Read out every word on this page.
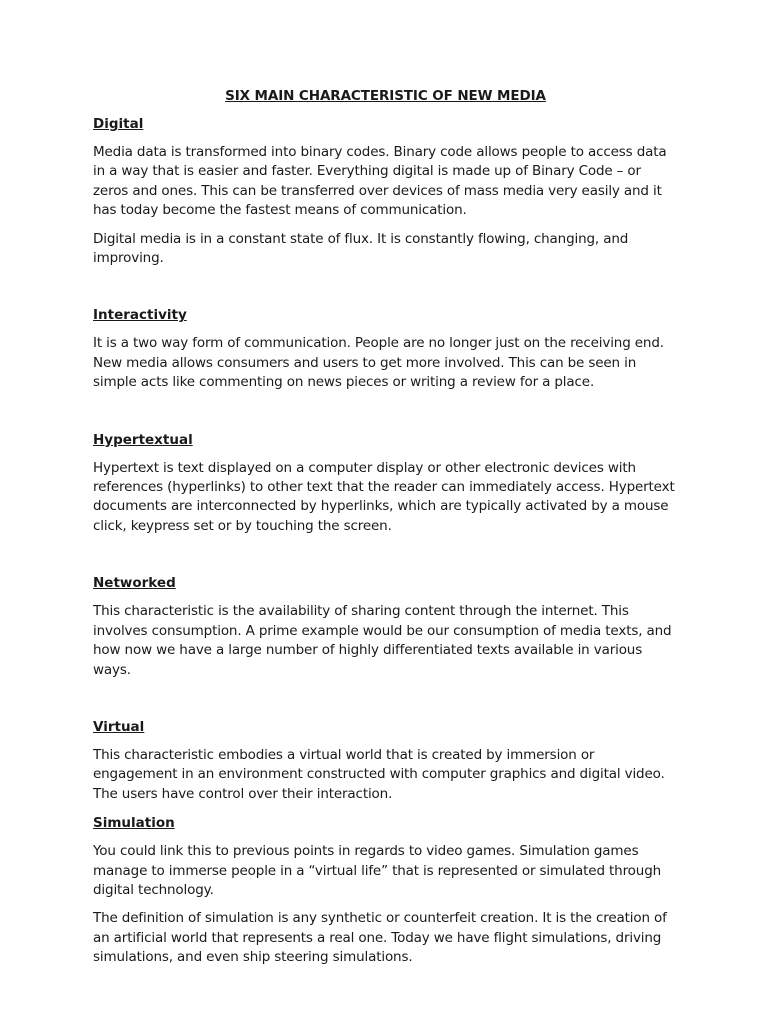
SIX MAIN CHARACTERISTIC OF NEW MEDIA
Digital

Media data is transformed into binary codes. Binary code allows people to access data in a way that is easier and faster. Everything digital is made up of Binary Code – or zeros and ones. This can be transferred over devices of mass media very easily and it has today become the fastest means of communication.

Digital media is in a constant state of flux. It is constantly flowing, changing, and improving.

Interactivity

It is a two way form of communication. People are no longer just on the receiving end. New media allows consumers and users to get more involved. This can be seen in simple acts like commenting on news pieces or writing a review for a place.

Hypertextual

Hypertext is text displayed on a computer display or other electronic devices with references (hyperlinks) to other text that the reader can immediately access. Hypertext documents are interconnected by hyperlinks, which are typically activated by a mouse click, keypress set or by touching the screen.

Networked

This characteristic is the availability of sharing content through the internet. This involves consumption. A prime example would be our consumption of media texts, and how now we have a large number of highly differentiated texts available in various ways.

Virtual

This characteristic embodies a virtual world that is created by immersion or engagement in an environment constructed with computer graphics and digital video. The users have control over their interaction.

Simulation

You could link this to previous points in regards to video games. Simulation games manage to immerse people in a “virtual life” that is represented or simulated through digital technology.

The definition of simulation is any synthetic or counterfeit creation. It is the creation of an artificial world that represents a real one. Today we have flight simulations, driving simulations, and even ship steering simulations.
